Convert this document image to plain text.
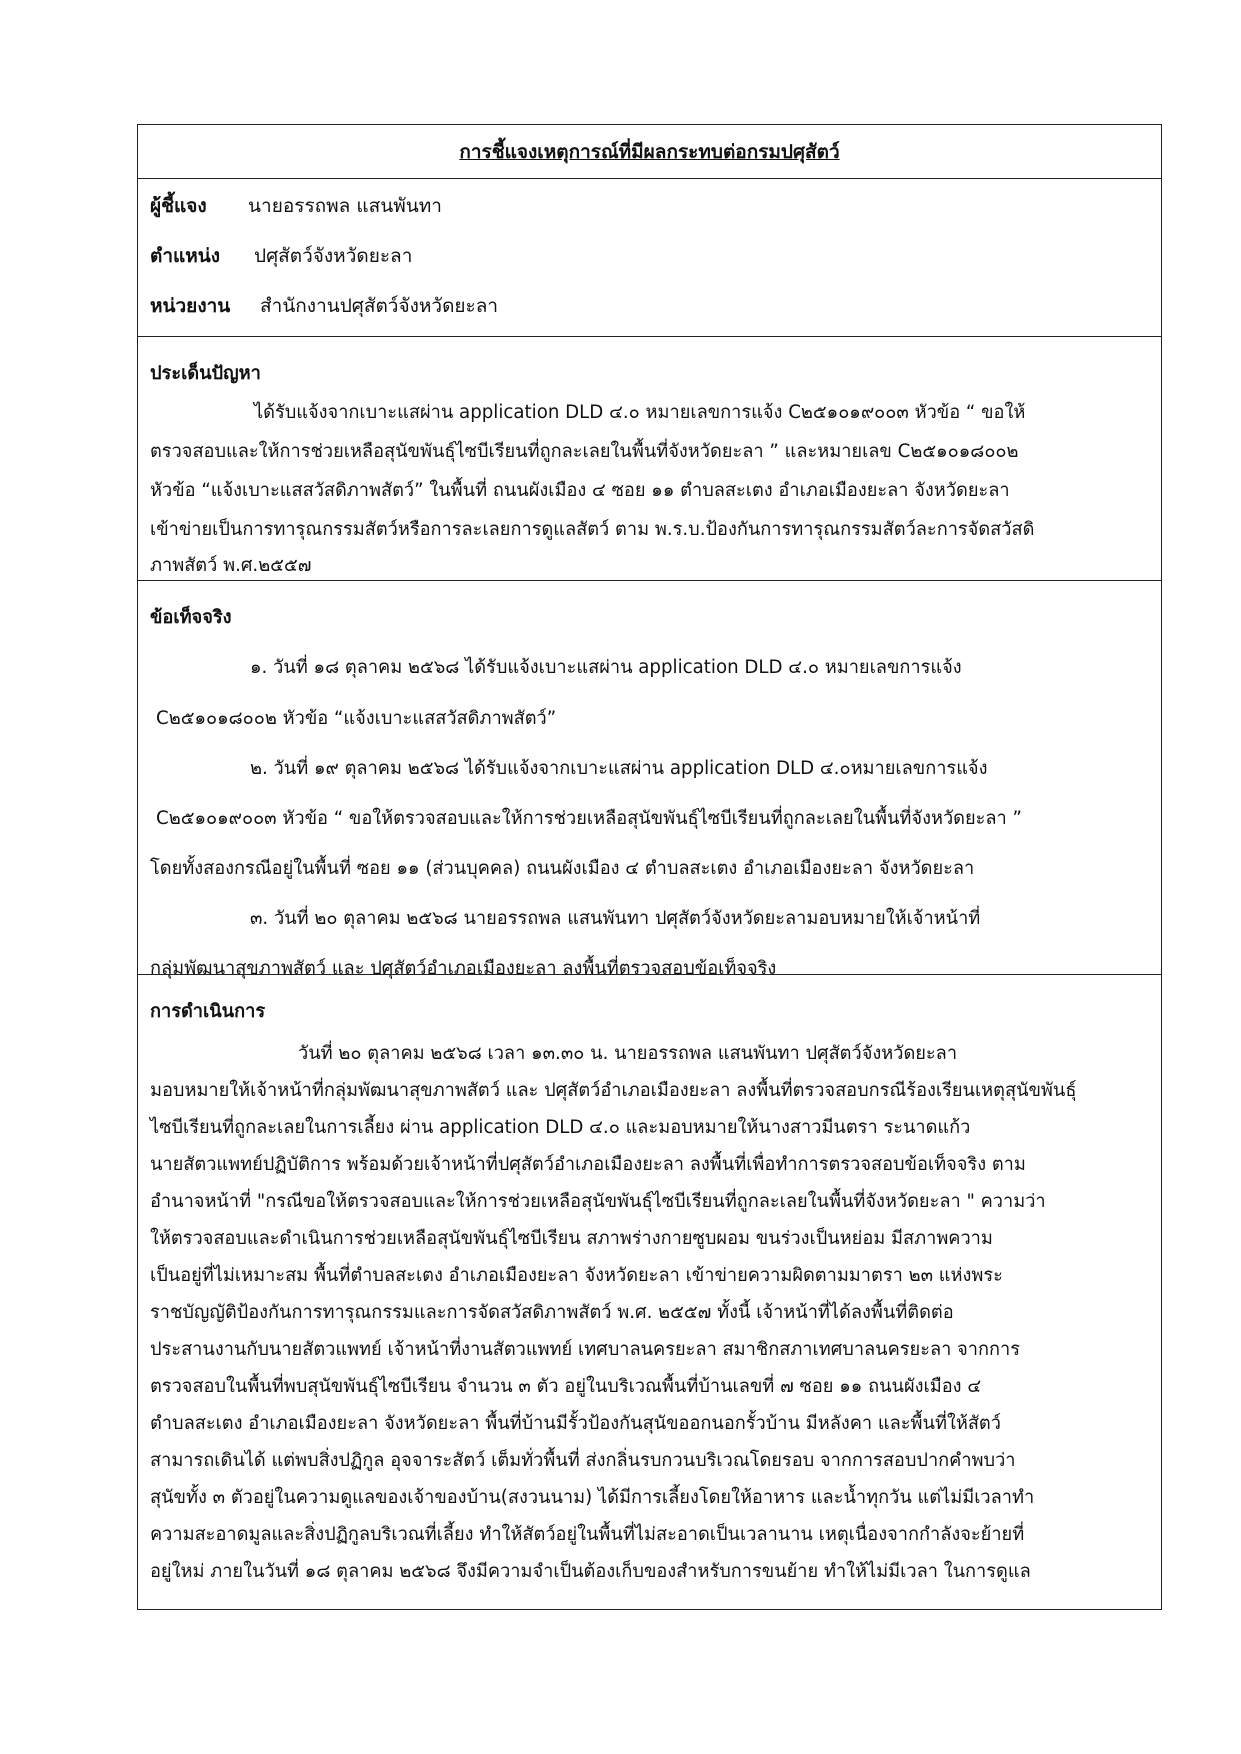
การชี้แจงเหตุการณ์ที่มีผลกระทบต่อกรมปศุสัตว์
ผู้ชี้แจง นายอรรถพล แสนพันทา
ตำแหน่ง ปศุสัตว์จังหวัดยะลา
หน่วยงาน สำนักงานปศุสัตว์จังหวัดยะลา
ประเด็นปัญหา
ได้รับแจ้งจากเบาะแสผ่าน application DLD ๔.๐ หมายเลขการแจ้ง C๒๕๑๐๑๙๐๐๓ หัวข้อ “ ขอให้
ตรวจสอบและให้การช่วยเหลือสุนัขพันธุ์ไซบีเรียนที่ถูกละเลยในพื้นที่จังหวัดยะลา ” และหมายเลข C๒๕๑๐๑๘๐๐๒
หัวข้อ “แจ้งเบาะแสสวัสดิภาพสัตว์” ในพื้นที่ ถนนผังเมือง ๔ ซอย ๑๑ ตำบลสะเตง อำเภอเมืองยะลา จังหวัดยะลา
เข้าข่ายเป็นการทารุณกรรมสัตว์หรือการละเลยการดูแลสัตว์ ตาม พ.ร.บ.ป้องกันการทารุณกรรมสัตว์ละการจัดสวัสดิ
ภาพสัตว์ พ.ศ.๒๕๕๗
ข้อเท็จจริง
๑. วันที่ ๑๘ ตุลาคม ๒๕๖๘ ได้รับแจ้งเบาะแสผ่าน application DLD ๔.๐ หมายเลขการแจ้ง
C๒๕๑๐๑๘๐๐๒ หัวข้อ “แจ้งเบาะแสสวัสดิภาพสัตว์”
๒. วันที่ ๑๙ ตุลาคม ๒๕๖๘ ได้รับแจ้งจากเบาะแสผ่าน application DLD ๔.๐หมายเลขการแจ้ง
C๒๕๑๐๑๙๐๐๓ หัวข้อ “ ขอให้ตรวจสอบและให้การช่วยเหลือสุนัขพันธุ์ไซบีเรียนที่ถูกละเลยในพื้นที่จังหวัดยะลา ”
โดยทั้งสองกรณีอยู่ในพื้นที่ ซอย ๑๑ (ส่วนบุคคล) ถนนผังเมือง ๔ ตำบลสะเตง อำเภอเมืองยะลา จังหวัดยะลา
๓. วันที่ ๒๐ ตุลาคม ๒๕๖๘ นายอรรถพล แสนพันทา ปศุสัตว์จังหวัดยะลามอบหมายให้เจ้าหน้าที่
กลุ่มพัฒนาสุขภาพสัตว์ และ ปศุสัตว์อำเภอเมืองยะลา ลงพื้นที่ตรวจสอบข้อเท็จจริง
การดำเนินการ
วันที่ ๒๐ ตุลาคม ๒๕๖๘ เวลา ๑๓.๓๐ น. นายอรรถพล แสนพันทา ปศุสัตว์จังหวัดยะลา
มอบหมายให้เจ้าหน้าที่กลุ่มพัฒนาสุขภาพสัตว์ และ ปศุสัตว์อำเภอเมืองยะลา ลงพื้นที่ตรวจสอบกรณีร้องเรียนเหตุสุนัขพันธุ์
ไซบีเรียนที่ถูกละเลยในการเลี้ยง ผ่าน application DLD ๔.๐ และมอบหมายให้นางสาวมีนตรา ระนาดแก้ว
นายสัตวแพทย์ปฏิบัติการ พร้อมด้วยเจ้าหน้าที่ปศุสัตว์อำเภอเมืองยะลา ลงพื้นที่เพื่อทำการตรวจสอบข้อเท็จจริง ตาม
อำนาจหน้าที่ "กรณีขอให้ตรวจสอบและให้การช่วยเหลือสุนัขพันธุ์ไซบีเรียนที่ถูกละเลยในพื้นที่จังหวัดยะลา " ความว่า
ให้ตรวจสอบและดำเนินการช่วยเหลือสุนัขพันธุ์ไซบีเรียน สภาพร่างกายซูบผอม ขนร่วงเป็นหย่อม มีสภาพความ
เป็นอยู่ที่ไม่เหมาะสม พื้นที่ตำบลสะเตง อำเภอเมืองยะลา จังหวัดยะลา เข้าข่ายความผิดตามมาตรา ๒๓ แห่งพระ
ราชบัญญัติป้องกันการทารุณกรรมและการจัดสวัสดิภาพสัตว์ พ.ศ. ๒๕๕๗ ทั้งนี้ เจ้าหน้าที่ได้ลงพื้นที่ติดต่อ
ประสานงานกับนายสัตวแพทย์ เจ้าหน้าที่งานสัตวแพทย์ เทศบาลนครยะลา สมาชิกสภาเทศบาลนครยะลา จากการ
ตรวจสอบในพื้นที่พบสุนัขพันธุ์ไซบีเรียน จำนวน ๓ ตัว อยู่ในบริเวณพื้นที่บ้านเลขที่ ๗ ซอย ๑๑ ถนนผังเมือง ๔
ตำบลสะเตง อำเภอเมืองยะลา จังหวัดยะลา พื้นที่บ้านมีรั้วป้องกันสุนัขออกนอกรั้วบ้าน มีหลังคา และพื้นที่ให้สัตว์
สามารถเดินได้ แต่พบสิ่งปฏิกูล อุจจาระสัตว์ เต็มทั่วพื้นที่ ส่งกลิ่นรบกวนบริเวณโดยรอบ จากการสอบปากคำพบว่า
สุนัขทั้ง ๓ ตัวอยู่ในความดูแลของเจ้าของบ้าน(สงวนนาม) ได้มีการเลี้ยงโดยให้อาหาร และน้ำทุกวัน แต่ไม่มีเวลาทำ
ความสะอาดมูลและสิ่งปฏิกูลบริเวณที่เลี้ยง ทำให้สัตว์อยู่ในพื้นที่ไม่สะอาดเป็นเวลานาน เหตุเนื่องจากกำลังจะย้ายที่
อยู่ใหม่ ภายในวันที่ ๑๘ ตุลาคม ๒๕๖๘ จึงมีความจำเป็นต้องเก็บของสำหรับการขนย้าย ทำให้ไม่มีเวลา ในการดูแล
